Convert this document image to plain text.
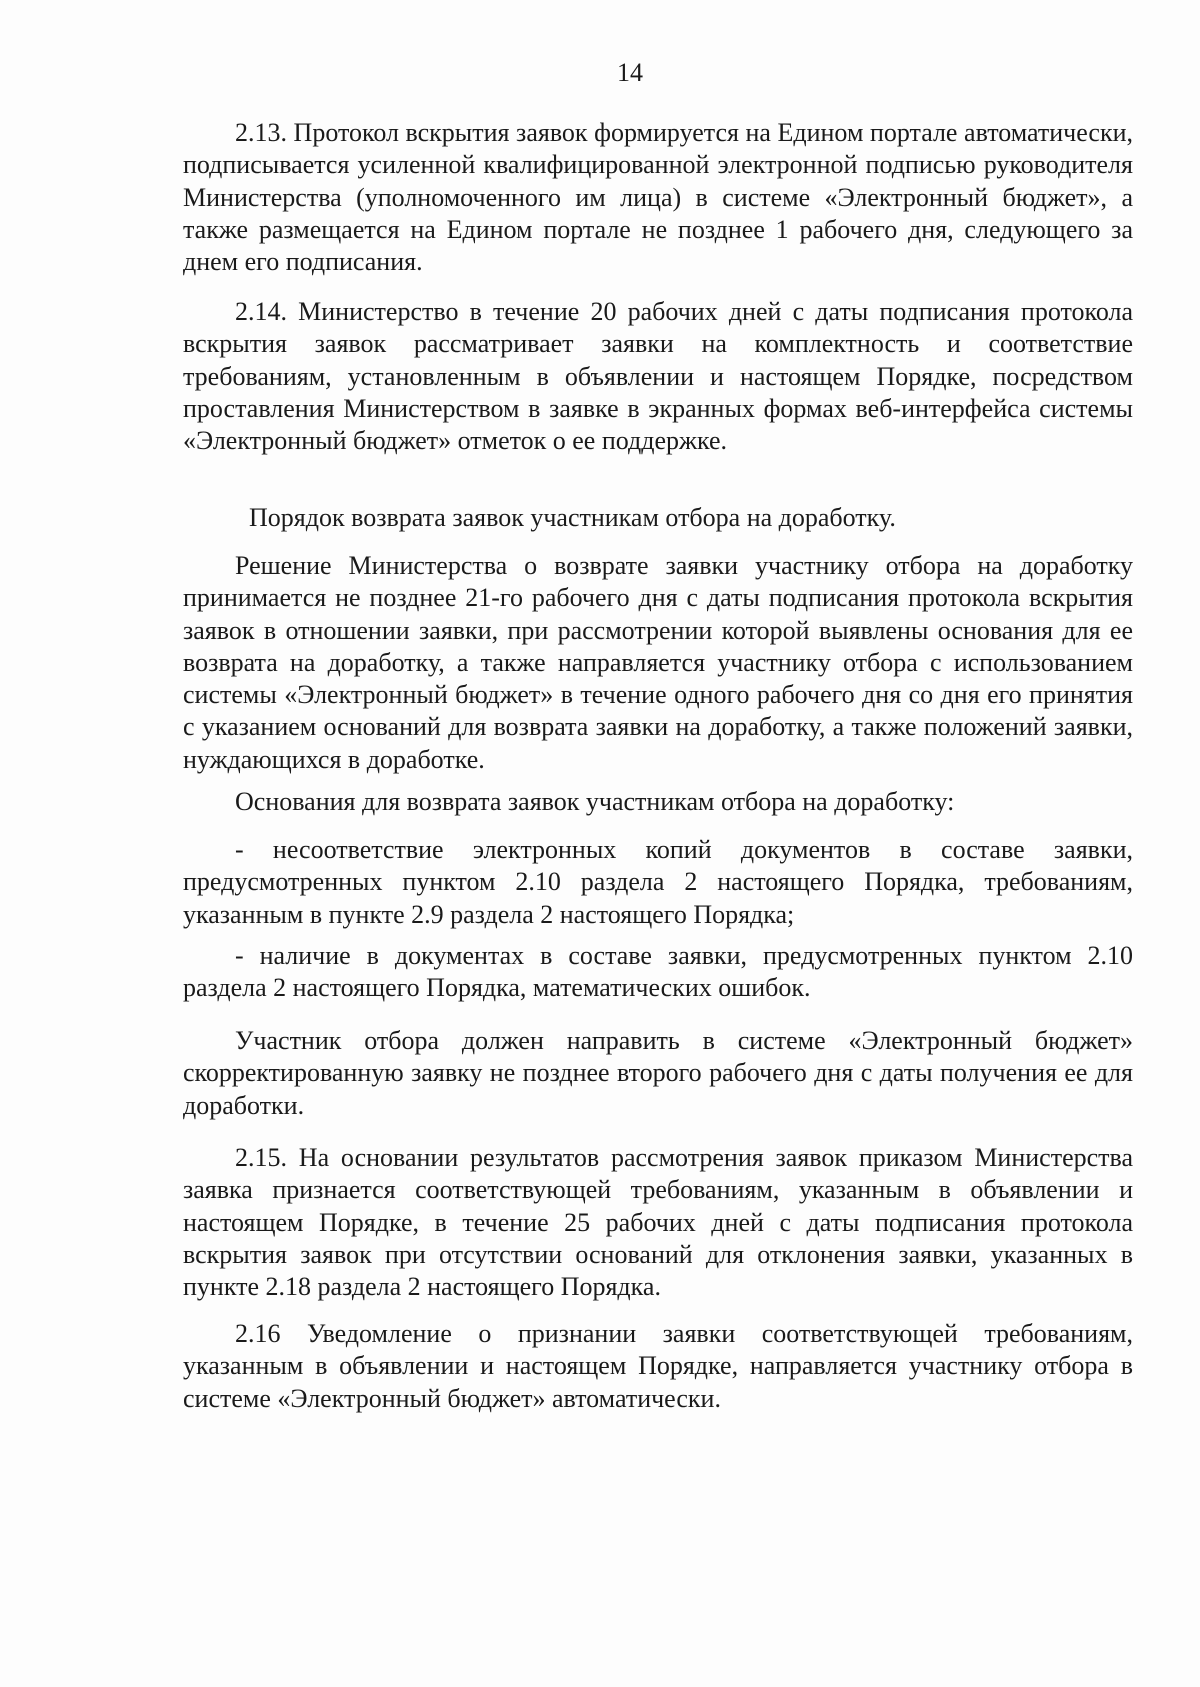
14

2.13. Протокол вскрытия заявок формируется на Едином портале автоматически, подписывается усиленной квалифицированной электронной подписью руководителя Министерства (уполномоченного им лица) в системе «Электронный бюджет», а также размещается на Едином портале не позднее 1 рабочего дня, следующего за днем его подписания.

2.14. Министерство в течение 20 рабочих дней с даты подписания протокола вскрытия заявок рассматривает заявки на комплектность и соответствие требованиям, установленным в объявлении и настоящем Порядке, посредством проставления Министерством в заявке в экранных формах веб-интерфейса системы «Электронный бюджет» отметок о ее поддержке.

Порядок возврата заявок участникам отбора на доработку.

Решение Министерства о возврате заявки участнику отбора на доработку принимается не позднее 21-го рабочего дня с даты подписания протокола вскрытия заявок в отношении заявки, при рассмотрении которой выявлены основания для ее возврата на доработку, а также направляется участнику отбора с использованием системы «Электронный бюджет» в течение одного рабочего дня со дня его принятия с указанием оснований для возврата заявки на доработку, а также положений заявки, нуждающихся в доработке.

Основания для возврата заявок участникам отбора на доработку:

- несоответствие электронных копий документов в составе заявки, предусмотренных пунктом 2.10 раздела 2 настоящего Порядка, требованиям, указанным в пункте 2.9 раздела 2 настоящего Порядка;

- наличие в документах в составе заявки, предусмотренных пунктом 2.10 раздела 2 настоящего Порядка, математических ошибок.

Участник отбора должен направить в системе «Электронный бюджет» скорректированную заявку не позднее второго рабочего дня с даты получения ее для доработки.

2.15. На основании результатов рассмотрения заявок приказом Министерства заявка признается соответствующей требованиям, указанным в объявлении и настоящем Порядке, в течение 25 рабочих дней с даты подписания протокола вскрытия заявок при отсутствии оснований для отклонения заявки, указанных в пункте 2.18 раздела 2 настоящего Порядка.

2.16 Уведомление о признании заявки соответствующей требованиям, указанным в объявлении и настоящем Порядке, направляется участнику отбора в системе «Электронный бюджет» автоматически.
